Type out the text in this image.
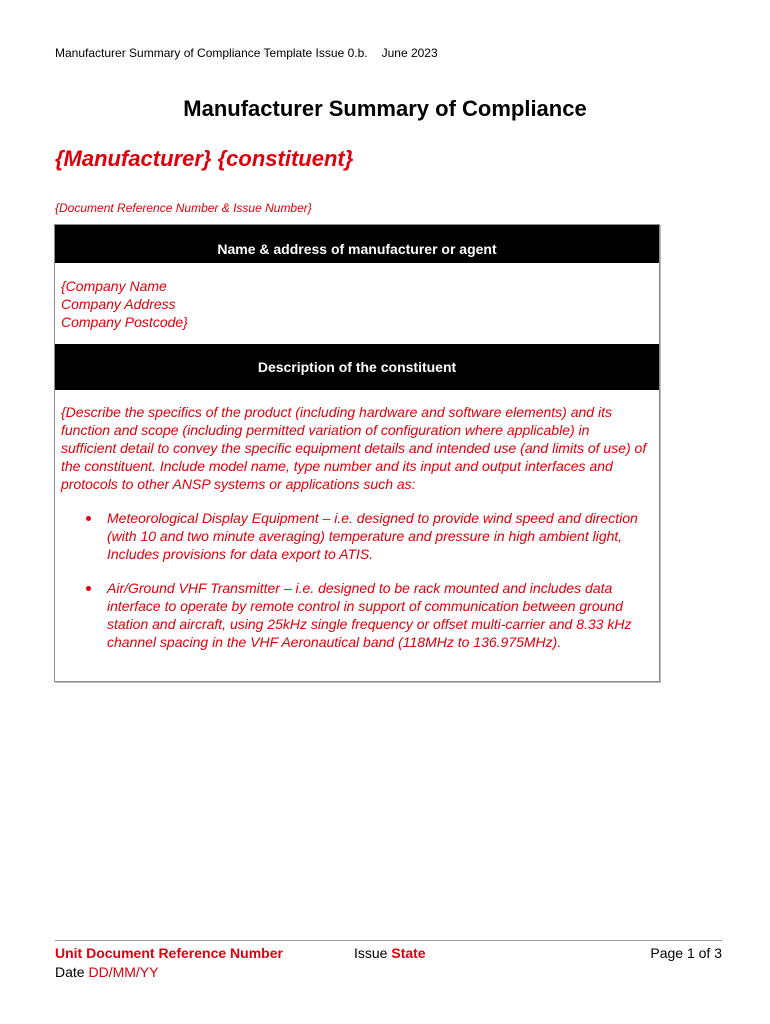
Manufacturer Summary of Compliance Template Issue 0.b. June 2023
Manufacturer Summary of Compliance
{Manufacturer} {constituent}
{Document Reference Number & Issue Number}
Name & address of manufacturer or agent
{Company Name
Company Address
Company Postcode}
Description of the constituent
{Describe the specifics of the product (including hardware and software elements) and its function and scope (including permitted variation of configuration where applicable) in sufficient detail to convey the specific equipment details and intended use (and limits of use) of the constituent. Include model name, type number and its input and output interfaces and protocols to other ANSP systems or applications such as:
Meteorological Display Equipment – i.e. designed to provide wind speed and direction (with 10 and two minute averaging) temperature and pressure in high ambient light, Includes provisions for data export to ATIS.
Air/Ground VHF Transmitter – i.e. designed to be rack mounted and includes data interface to operate by remote control in support of communication between ground station and aircraft, using 25kHz single frequency or offset multi-carrier and 8.33 kHz channel spacing in the VHF Aeronautical band (118MHz to 136.975MHz).
Unit Document Reference Number
Date DD/MM/YY
Issue State	Page 1 of 3
